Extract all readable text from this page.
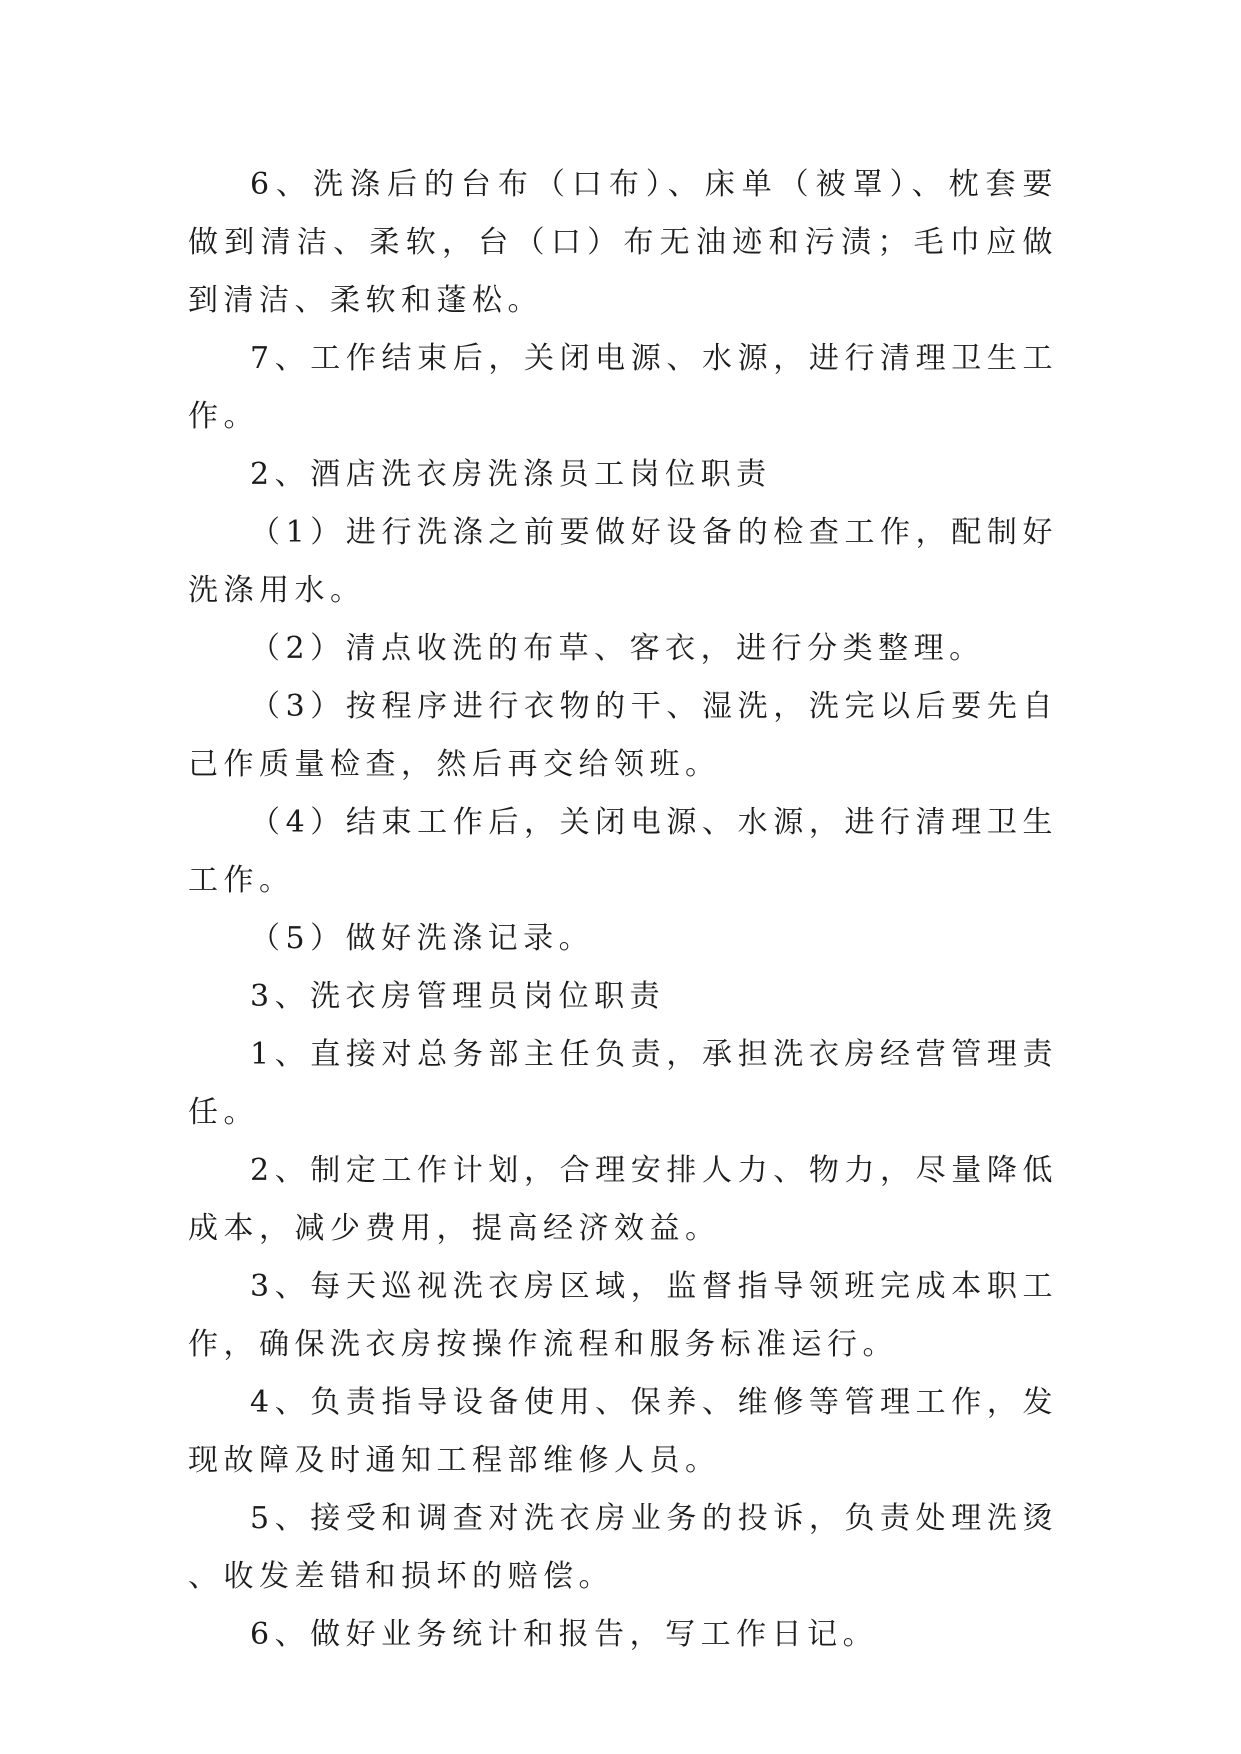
6、洗涤后的台布（口布）、床单（被罩）、枕套要做到清洁、柔软，台（口）布无油迹和污渍；毛巾应做到清洁、柔软和蓬松。

7、工作结束后，关闭电源、水源，进行清理卫生工作。

2、酒店洗衣房洗涤员工岗位职责

（1）进行洗涤之前要做好设备的检查工作，配制好洗涤用水。

（2）清点收洗的布草、客衣，进行分类整理。

（3）按程序进行衣物的干、湿洗，洗完以后要先自己作质量检查，然后再交给领班。

（4）结束工作后，关闭电源、水源，进行清理卫生工作。

（5）做好洗涤记录。

3、洗衣房管理员岗位职责

1、直接对总务部主任负责，承担洗衣房经营管理责任。

2、制定工作计划，合理安排人力、物力，尽量降低成本，减少费用，提高经济效益。

3、每天巡视洗衣房区域，监督指导领班完成本职工作，确保洗衣房按操作流程和服务标准运行。

4、负责指导设备使用、保养、维修等管理工作，发现故障及时通知工程部维修人员。

5、接受和调查对洗衣房业务的投诉，负责处理洗烫、收发差错和损坏的赔偿。

6、做好业务统计和报告，写工作日记。
